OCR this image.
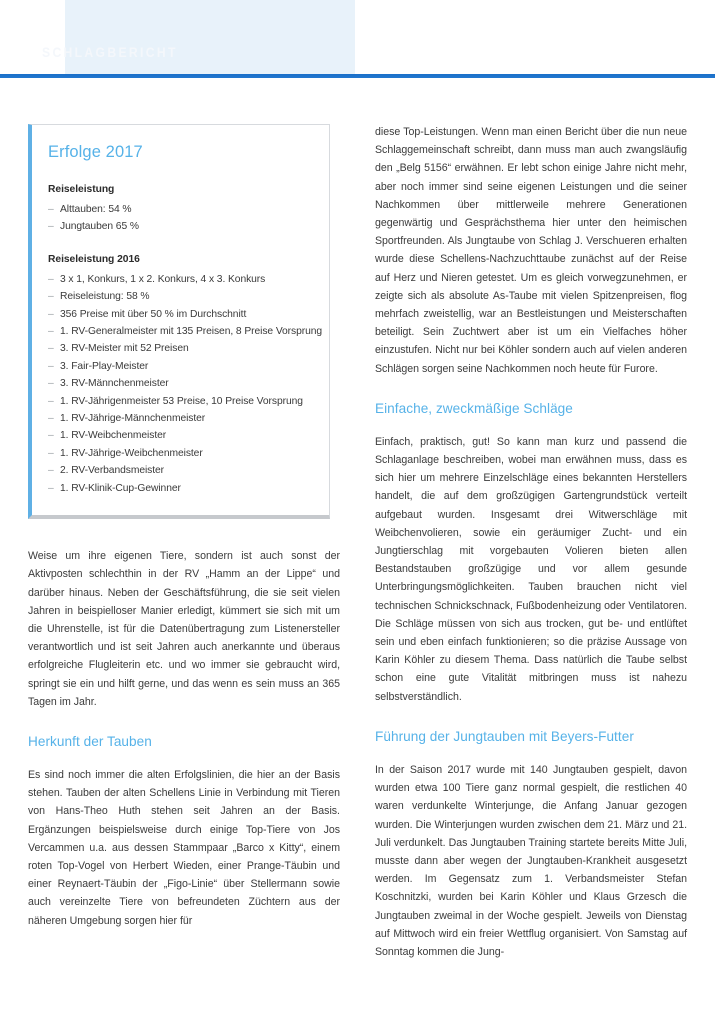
SCHLAGBERICHT
Erfolge 2017
Reiseleistung
– Alttauben: 54 %
– Jungtauben 65 %
Reiseleistung 2016
– 3 x 1, Konkurs, 1 x 2. Konkurs, 4 x 3. Konkurs
– Reiseleistung: 58 %
– 356 Preise mit über 50 % im Durchschnitt
– 1. RV-Generalmeister mit 135 Preisen, 8 Preise Vorsprung
– 3. RV-Meister mit 52 Preisen
– 3. Fair-Play-Meister
– 3. RV-Männchenmeister
– 1. RV-Jährigenmeister 53 Preise, 10 Preise Vorsprung
– 1. RV-Jährige-Männchenmeister
– 1. RV-Weibchenmeister
– 1. RV-Jährige-Weibchenmeister
– 2. RV-Verbandsmeister
– 1. RV-Klinik-Cup-Gewinner

Weise um ihre eigenen Tiere, sondern ist auch sonst der Aktivposten schlechthin in der RV „Hamm an der Lippe“ und darüber hinaus. Neben der Geschäftsführung, die sie seit vielen Jahren in beispielloser Manier erledigt, kümmert sie sich mit um die Uhrenstelle, ist für die Datenübertragung zum Listenersteller verantwortlich und ist seit Jahren auch anerkannte und überaus erfolgreiche Flugleiterin etc. und wo immer sie gebraucht wird, springt sie ein und hilft gerne, und das wenn es sein muss an 365 Tagen im Jahr.

Herkunft der Tauben

Es sind noch immer die alten Erfolgslinien, die hier an der Basis stehen. Tauben der alten Schellens Linie in Verbindung mit Tieren von Hans-Theo Huth stehen seit Jahren an der Basis. Ergänzungen beispielsweise durch einige Top-Tiere von Jos Vercammen u.a. aus dessen Stammpaar „Barco x Kitty“, einem roten Top-Vogel von Herbert Wieden, einer Prange-Täubin und einer Reynaert-Täubin der „Figo-Linie“ über Stellermann sowie auch vereinzelte Tiere von befreundeten Züchtern aus der näheren Umgebung sorgen hier für

diese Top-Leistungen. Wenn man einen Bericht über die nun neue Schlaggemeinschaft schreibt, dann muss man auch zwangsläufig den „Belg 5156“ erwähnen. Er lebt schon einige Jahre nicht mehr, aber noch immer sind seine eigenen Leistungen und die seiner Nachkommen über mittlerweile mehrere Generationen gegenwärtig und Gesprächsthema hier unter den heimischen Sportfreunden. Als Jungtaube von Schlag J. Verschueren erhalten wurde diese Schellens-Nachzuchttaube zunächst auf der Reise auf Herz und Nieren getestet. Um es gleich vorwegzunehmen, er zeigte sich als absolute As-Taube mit vielen Spitzenpreisen, flog mehrfach zweistellig, war an Bestleistungen und Meisterschaften beteiligt. Sein Zuchtwert aber ist um ein Vielfaches höher einzustufen. Nicht nur bei Köhler sondern auch auf vielen anderen Schlägen sorgen seine Nachkommen noch heute für Furore.

Einfache, zweckmäßige Schläge

Einfach, praktisch, gut! So kann man kurz und passend die Schlaganlage beschreiben, wobei man erwähnen muss, dass es sich hier um mehrere Einzelschläge eines bekannten Herstellers handelt, die auf dem großzügigen Gartengrundstück verteilt aufgebaut wurden. Insgesamt drei Witwerschläge mit Weibchenvolieren, sowie ein geräumiger Zucht- und ein Jungtierschlag mit vorgebauten Volieren bieten allen Bestandstauben großzügige und vor allem gesunde Unterbringungsmöglichkeiten. Tauben brauchen nicht viel technischen Schnickschnack, Fußbodenheizung oder Ventilatoren. Die Schläge müssen von sich aus trocken, gut be- und entlüftet sein und eben einfach funktionieren; so die präzise Aussage von Karin Köhler zu diesem Thema. Dass natürlich die Taube selbst schon eine gute Vitalität mitbringen muss ist nahezu selbstverständlich.

Führung der Jungtauben mit Beyers-Futter

In der Saison 2017 wurde mit 140 Jungtauben gespielt, davon wurden etwa 100 Tiere ganz normal gespielt, die restlichen 40 waren verdunkelte Winterjunge, die Anfang Januar gezogen wurden. Die Winterjungen wurden zwischen dem 21. März und 21. Juli verdunkelt. Das Jungtauben Training startete bereits Mitte Juli, musste dann aber wegen der Jungtauben-Krankheit ausgesetzt werden. Im Gegensatz zum 1. Verbandsmeister Stefan Koschnitzki, wurden bei Karin Köhler und Klaus Grzesch die Jungtauben zweimal in der Woche gespielt. Jeweils von Dienstag auf Mittwoch wird ein freier Wettflug organisiert. Von Samstag auf Sonntag kommen die Jung-
